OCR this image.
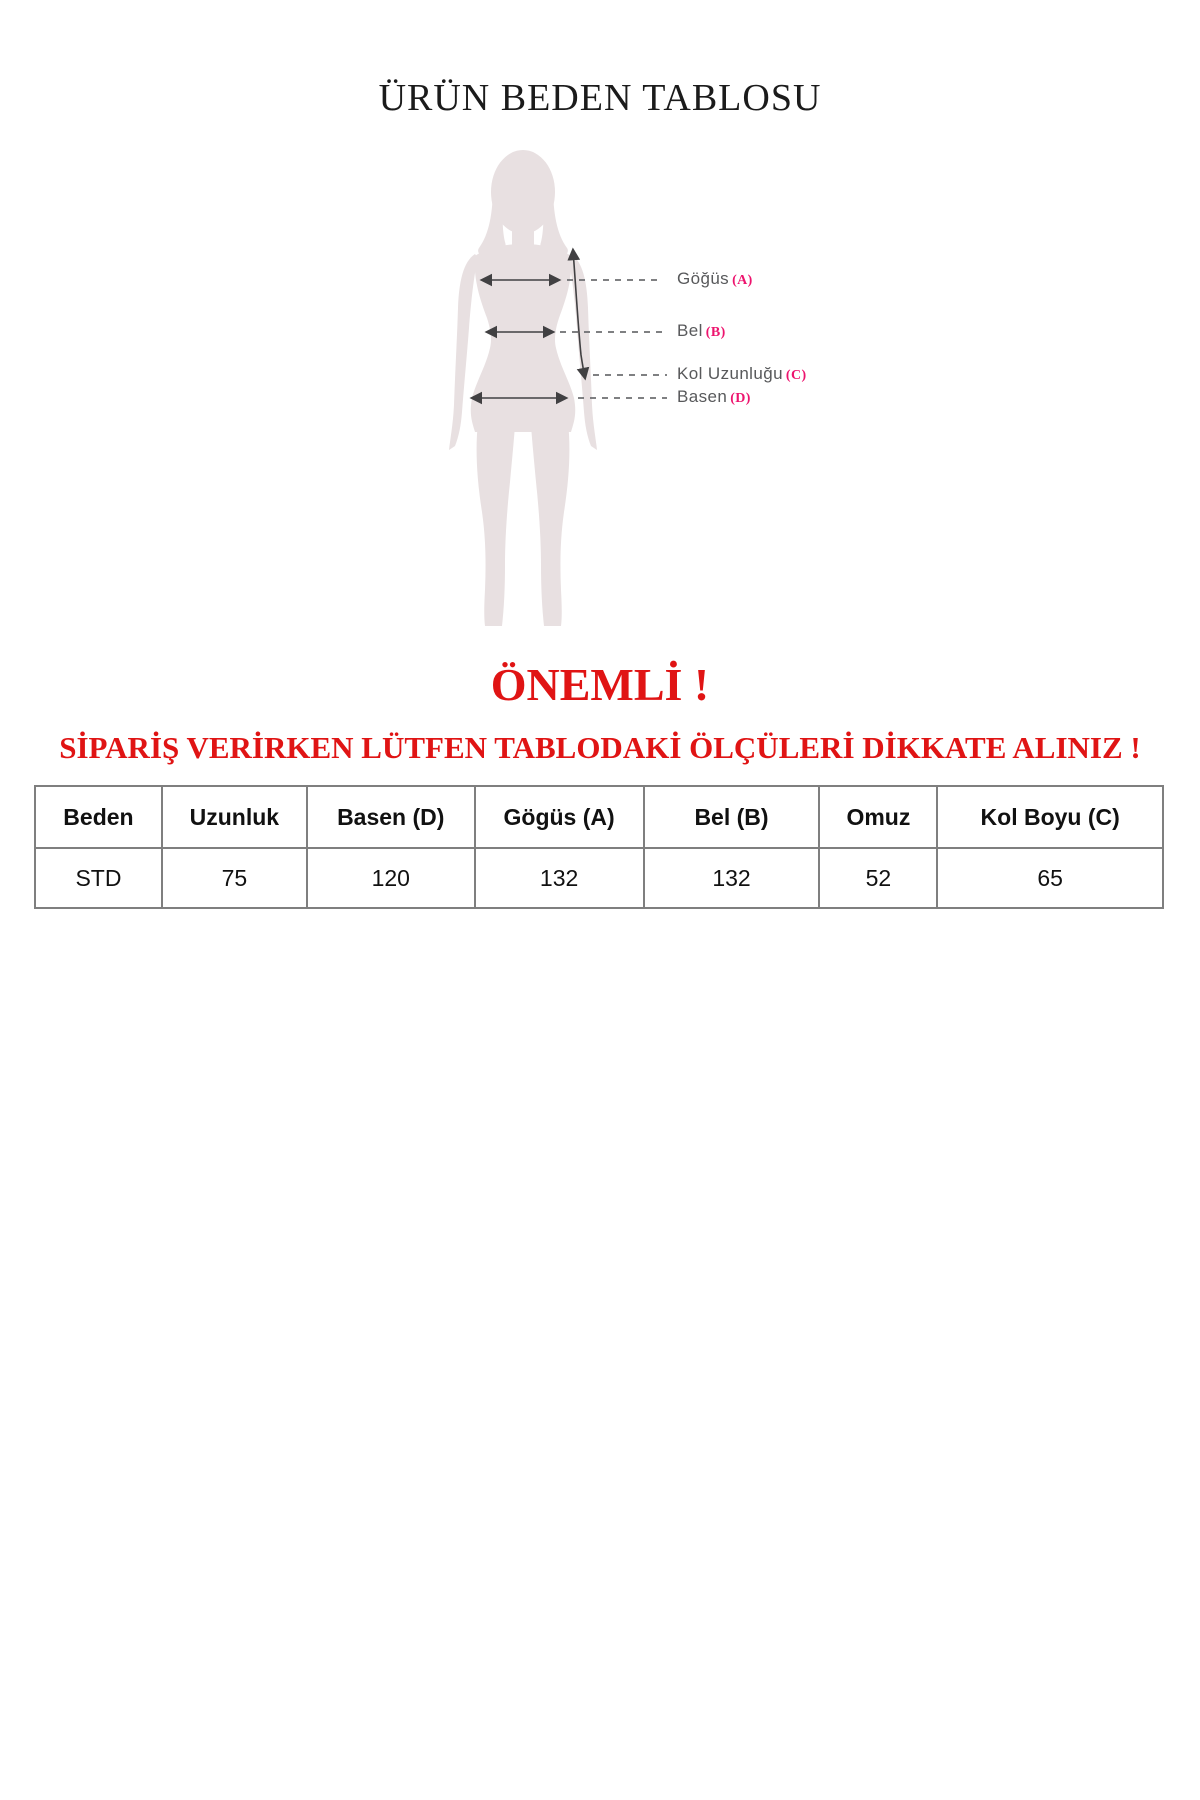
ÜRÜN BEDEN TABLOSU
Göğüs (A)
Bel (B)
Kol Uzunluğu (C)
Basen (D)
ÖNEMLİ !
SİPARİŞ VERİRKEN LÜTFEN TABLODAKİ ÖLÇÜLERİ DİKKATE ALINIZ !
Beden	Uzunluk	Basen (D)	Gögüs (A)	Bel (B)	Omuz	Kol Boyu (C)
STD	75	120	132	132	52	65
